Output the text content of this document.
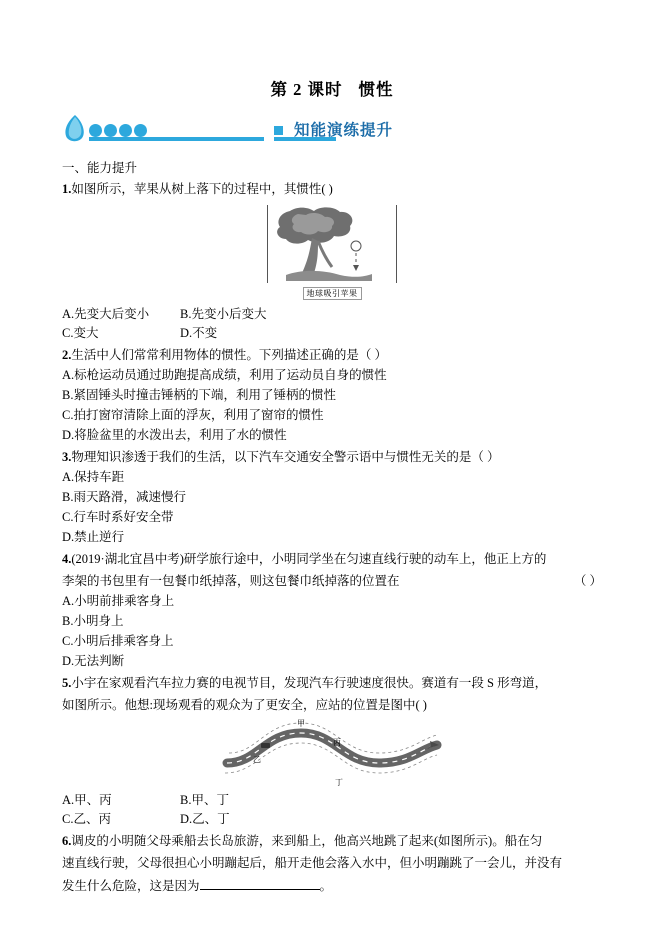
第 2 课时 惯性
知能演练提升
一、能力提升
1.如图所示，苹果从树上落下的过程中，其惯性( )
地球吸引苹果
A.先变大后变小	B.先变小后变大
C.变大	D.不变
2.生活中人们常常利用物体的惯性。下列描述正确的是（ ）
A.标枪运动员通过助跑提高成绩，利用了运动员自身的惯性
B.紧固锤头时撞击锤柄的下端，利用了锤柄的惯性
C.拍打窗帘清除上面的浮灰，利用了窗帘的惯性
D.将脸盆里的水泼出去，利用了水的惯性
3.物理知识渗透于我们的生活，以下汽车交通安全警示语中与惯性无关的是（ ）
A.保持车距
B.雨天路滑，减速慢行
C.行车时系好安全带
D.禁止逆行
4.(2019·湖北宜昌中考)研学旅行途中，小明同学坐在匀速直线行驶的动车上，他正上方的
李架的书包里有一包餐巾纸掉落，则这包餐巾纸掉落的位置在	（ ）
A.小明前排乘客身上
B.小明身上
C.小明后排乘客身上
D.无法判断
5.小宇在家观看汽车拉力赛的电视节目，发现汽车行驶速度很快。赛道有一段 S 形弯道，
如图所示。他想:现场观看的观众为了更安全，应站的位置是图中( )
甲
乙
丙
丁
A.甲、丙	B.甲、丁
C.乙、丙	D.乙、丁
6.调皮的小明随父母乘船去长岛旅游，来到船上，他高兴地跳了起来(如图所示)。船在匀
速直线行驶，父母很担心小明蹦起后，船开走他会落入水中，但小明蹦跳了一会儿，并没有
发生什么危险，这是因为	。
